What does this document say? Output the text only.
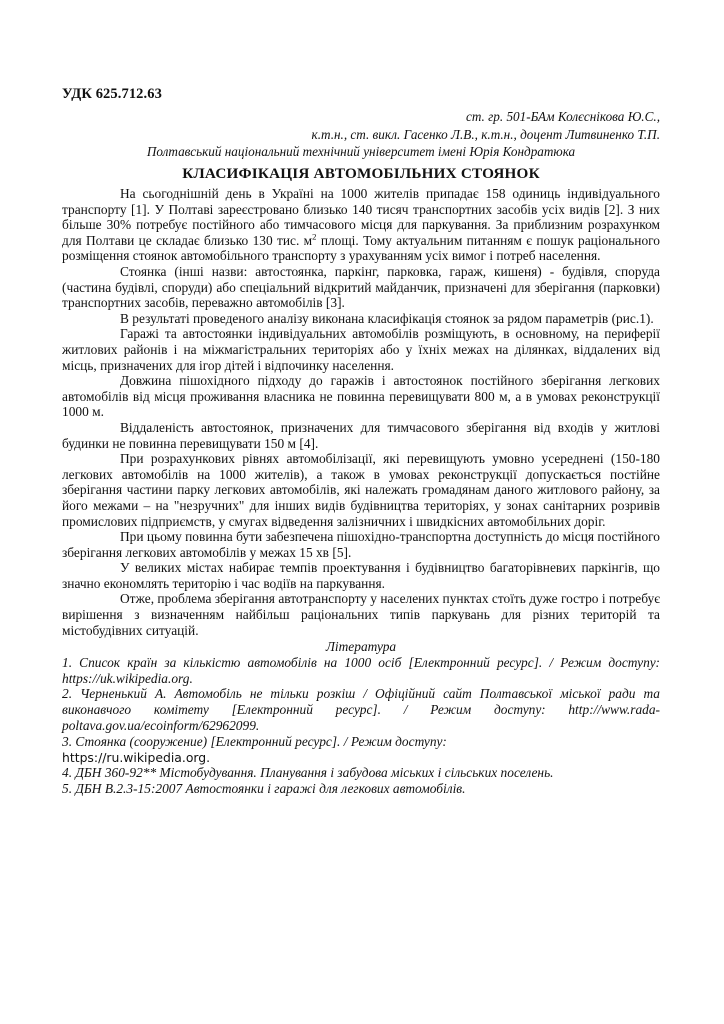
УДК 625.712.63
ст. гр. 501-БАм Колєснікова Ю.С.,
к.т.н., ст. викл. Гасенко Л.В., к.т.н., доцент Литвиненко Т.П.
Полтавський національний технічний університет імені Юрія Кондратюка
КЛАСИФІКАЦІЯ АВТОМОБІЛЬНИХ СТОЯНОК

На сьогоднішній день в Україні на 1000 жителів припадає 158 одиниць індивідуального транспорту [1]. У Полтаві зареєстровано близько 140 тисяч транспортних засобів усіх видів [2]. З них більше 30% потребує постійного або тимчасового місця для паркування. За приблизним розрахунком для Полтави це складає близько 130 тис. $м^2$ площі. Тому актуальним питанням є пошук раціонального розміщення стоянок автомобільного транспорту з урахуванням усіх вимог і потреб населення.

Стоянка (інші назви: автостоянка, паркінг, парковка, гараж, кишеня) - будівля, споруда (частина будівлі, споруди) або спеціальний відкритий майданчик, призначені для зберігання (парковки) транспортних засобів, переважно автомобілів [3].

В результаті проведеного аналізу виконана класифікація стоянок за рядом параметрів (рис.1).

Гаражі та автостоянки індивідуальних автомобілів розміщують, в основному, на периферії житлових районів і на міжмагістральних територіях або у їхніх межах на ділянках, віддалених від місць, призначених для ігор дітей і відпочинку населення.

Довжина пішохідного підходу до гаражів і автостоянок постійного зберігання легкових автомобілів від місця проживання власника не повинна перевищувати 800 м, а в умовах реконструкції 1000 м.

Віддаленість автостоянок, призначених для тимчасового зберігання від входів у житлові будинки не повинна перевищувати 150 м [4].

При розрахункових рівнях автомобілізації, які перевищують умовно усереднені (150-180 легкових автомобілів на 1000 жителів), а також в умовах реконструкції допускається постійне зберігання частини парку легкових автомобілів, які належать громадянам даного житлового району, за його межами – на "незручних" для інших видів будівництва територіях, у зонах санітарних розривів промислових підприємств, у смугах відведення залізничних і швидкісних автомобільних доріг.

При цьому повинна бути забезпечена пішохідно-транспортна доступність до місця постійного зберігання легкових автомобілів у межах 15 хв [5].

У великих містах набирає темпів проектування і будівництво багаторівневих паркінгів, що значно економлять територію і час водіїв на паркування.

Отже, проблема зберігання автотранспорту у населених пунктах стоїть дуже гостро і потребує вирішення з визначенням найбільш раціональних типів паркувань для різних територій та містобудівних ситуацій.

Література

1. Список країн за кількістю автомобілів на 1000 осіб [Електронний ресурс]. / Режим доступу: https://uk.wikipedia.org.

2. Черненький А. Автомобіль не тільки розкіш / Офіційний сайт Полтавської міської ради та виконавчого комітету [Електронний ресурс]. / Режим доступу: http://www.rada-poltava.gov.ua/ecoinform/62962099.

3. Стоянка (сооружение) [Електронний ресурс]. / Режим доступу:
https://ru.wikipedia.org.

4. ДБН 360-92** Містобудування. Планування і забудова міських і сільських поселень.

5. ДБН В.2.3-15:2007 Автостоянки і гаражі для легкових автомобілів.
